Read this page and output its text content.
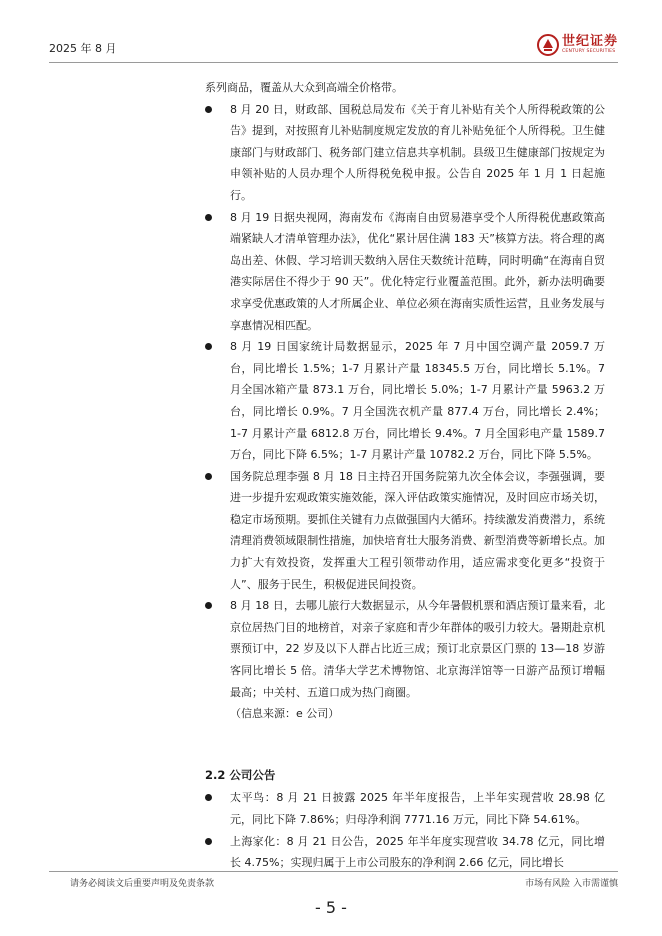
2025 年 8 月	世纪证券
CENTURY SECURITIES
系列商品，覆盖从大众到高端全价格带。
8 月 20 日，财政部、国税总局发布《关于育儿补贴有关个人所得税政策的公告》提到，对按照育儿补贴制度规定发放的育儿补贴免征个人所得税。卫生健康部门与财政部门、税务部门建立信息共享机制。县级卫生健康部门按规定为申领补贴的人员办理个人所得税免税申报。公告自 2025 年 1 月 1 日起施行。
8 月 19 日据央视网，海南发布《海南自由贸易港享受个人所得税优惠政策高端紧缺人才清单管理办法》，优化“累计居住满 183 天”核算方法。将合理的离岛出差、休假、学习培训天数纳入居住天数统计范畴，同时明确“在海南自贸港实际居住不得少于 90 天”。优化特定行业覆盖范围。此外，新办法明确要求享受优惠政策的人才所属企业、单位必须在海南实质性运营，且业务发展与享惠情况相匹配。
8 月 19 日国家统计局数据显示，2025 年 7 月中国空调产量 2059.7 万台，同比增长 1.5%；1-7 月累计产量 18345.5 万台，同比增长 5.1%。7 月全国冰箱产量 873.1 万台，同比增长 5.0%；1-7 月累计产量 5963.2 万台，同比增长 0.9%。7 月全国洗衣机产量 877.4 万台，同比增长 2.4%；1-7 月累计产量 6812.8 万台，同比增长 9.4%。7 月全国彩电产量 1589.7 万台，同比下降 6.5%；1-7 月累计产量 10782.2 万台，同比下降 5.5%。
国务院总理李强 8 月 18 日主持召开国务院第九次全体会议，李强强调，要进一步提升宏观政策实施效能，深入评估政策实施情况，及时回应市场关切，稳定市场预期。要抓住关键有力点做强国内大循环。持续激发消费潜力，系统清理消费领域限制性措施，加快培育壮大服务消费、新型消费等新增长点。加力扩大有效投资，发挥重大工程引领带动作用，适应需求变化更多“投资于人”、服务于民生，积极促进民间投资。
8 月 18 日，去哪儿旅行大数据显示，从今年暑假机票和酒店预订量来看，北京位居热门目的地榜首，对亲子家庭和青少年群体的吸引力较大。暑期赴京机票预订中，22 岁及以下人群占比近三成；预订北京景区门票的 13—18 岁游客同比增长 5 倍。清华大学艺术博物馆、北京海洋馆等一日游产品预订增幅最高；中关村、五道口成为热门商圈。
（信息来源：e 公司）
2.2 公司公告
太平鸟：8 月 21 日披露 2025 年半年度报告，上半年实现营收 28.98 亿元，同比下降 7.86%；归母净利润 7771.16 万元，同比下降 54.61%。
上海家化：8 月 21 日公告，2025 年半年度实现营收 34.78 亿元，同比增长 4.75%；实现归属于上市公司股东的净利润 2.66 亿元，同比增长
请务必阅读文后重要声明及免责条款	市场有风险 入市需谨慎
- 5 -
